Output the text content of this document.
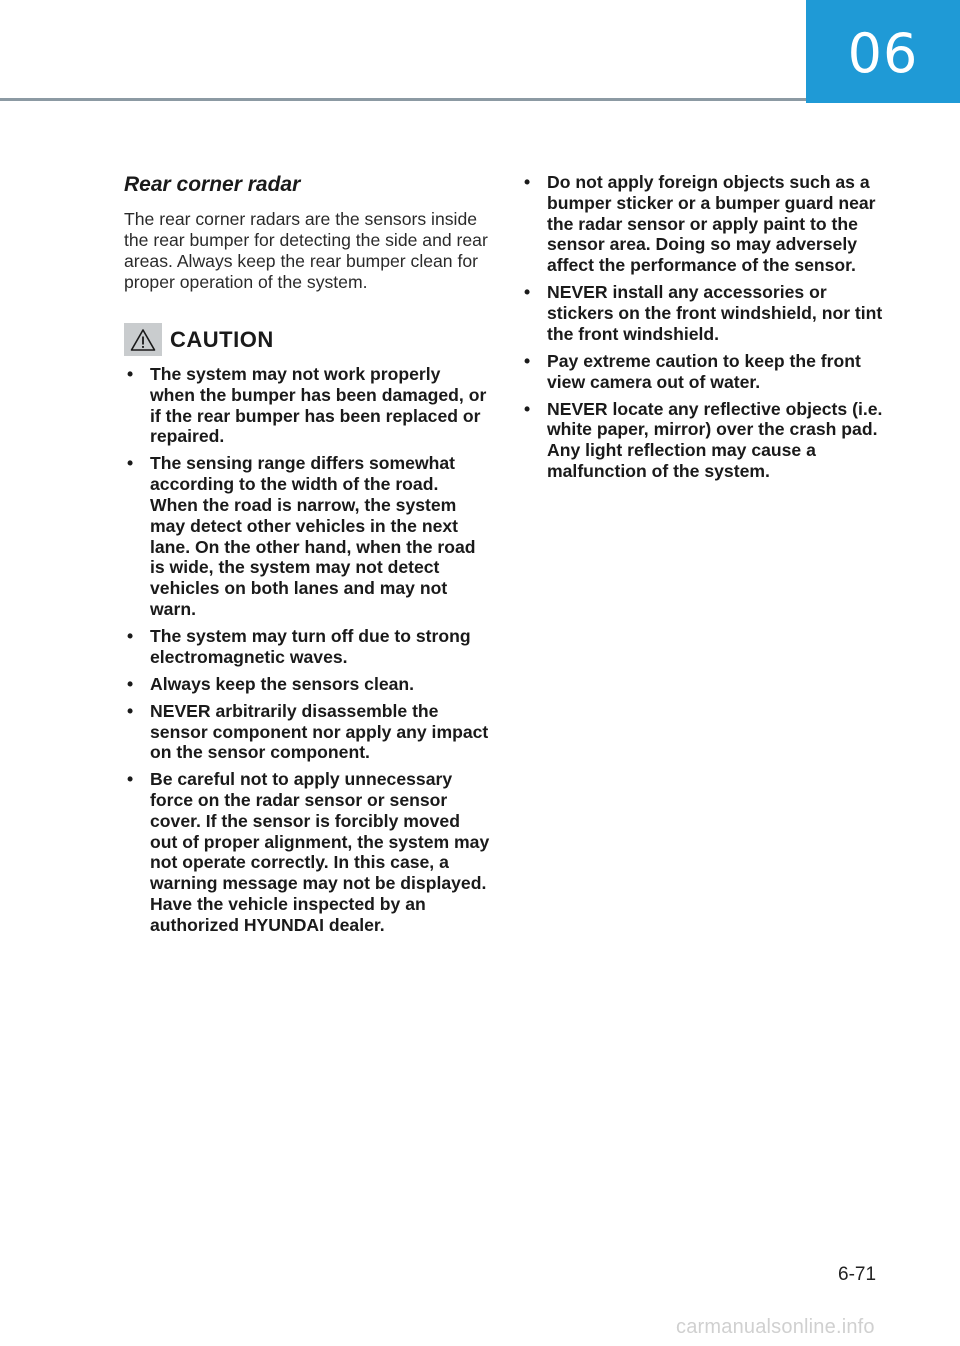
06
Rear corner radar

The rear corner radars are the sensors inside the rear bumper for detecting the side and rear areas. Always keep the rear bumper clean for proper operation of the system.

CAUTION
• The system may not work properly when the bumper has been damaged, or if the rear bumper has been replaced or repaired.
• The sensing range differs somewhat according to the width of the road. When the road is narrow, the system may detect other vehicles in the next lane. On the other hand, when the road is wide, the system may not detect vehicles on both lanes and may not warn.
• The system may turn off due to strong electromagnetic waves.
• Always keep the sensors clean.
• NEVER arbitrarily disassemble the sensor component nor apply any impact on the sensor component.
• Be careful not to apply unnecessary force on the radar sensor or sensor cover. If the sensor is forcibly moved out of proper alignment, the system may not operate correctly. In this case, a warning message may not be displayed. Have the vehicle inspected by an authorized HYUNDAI dealer.
• Do not apply foreign objects such as a bumper sticker or a bumper guard near the radar sensor or apply paint to the sensor area. Doing so may adversely affect the performance of the sensor.
• NEVER install any accessories or stickers on the front windshield, nor tint the front windshield.
• Pay extreme caution to keep the front view camera out of water.
• NEVER locate any reflective objects (i.e. white paper, mirror) over the crash pad. Any light reflection may cause a malfunction of the system.
6-71
carmanualsonline.info
